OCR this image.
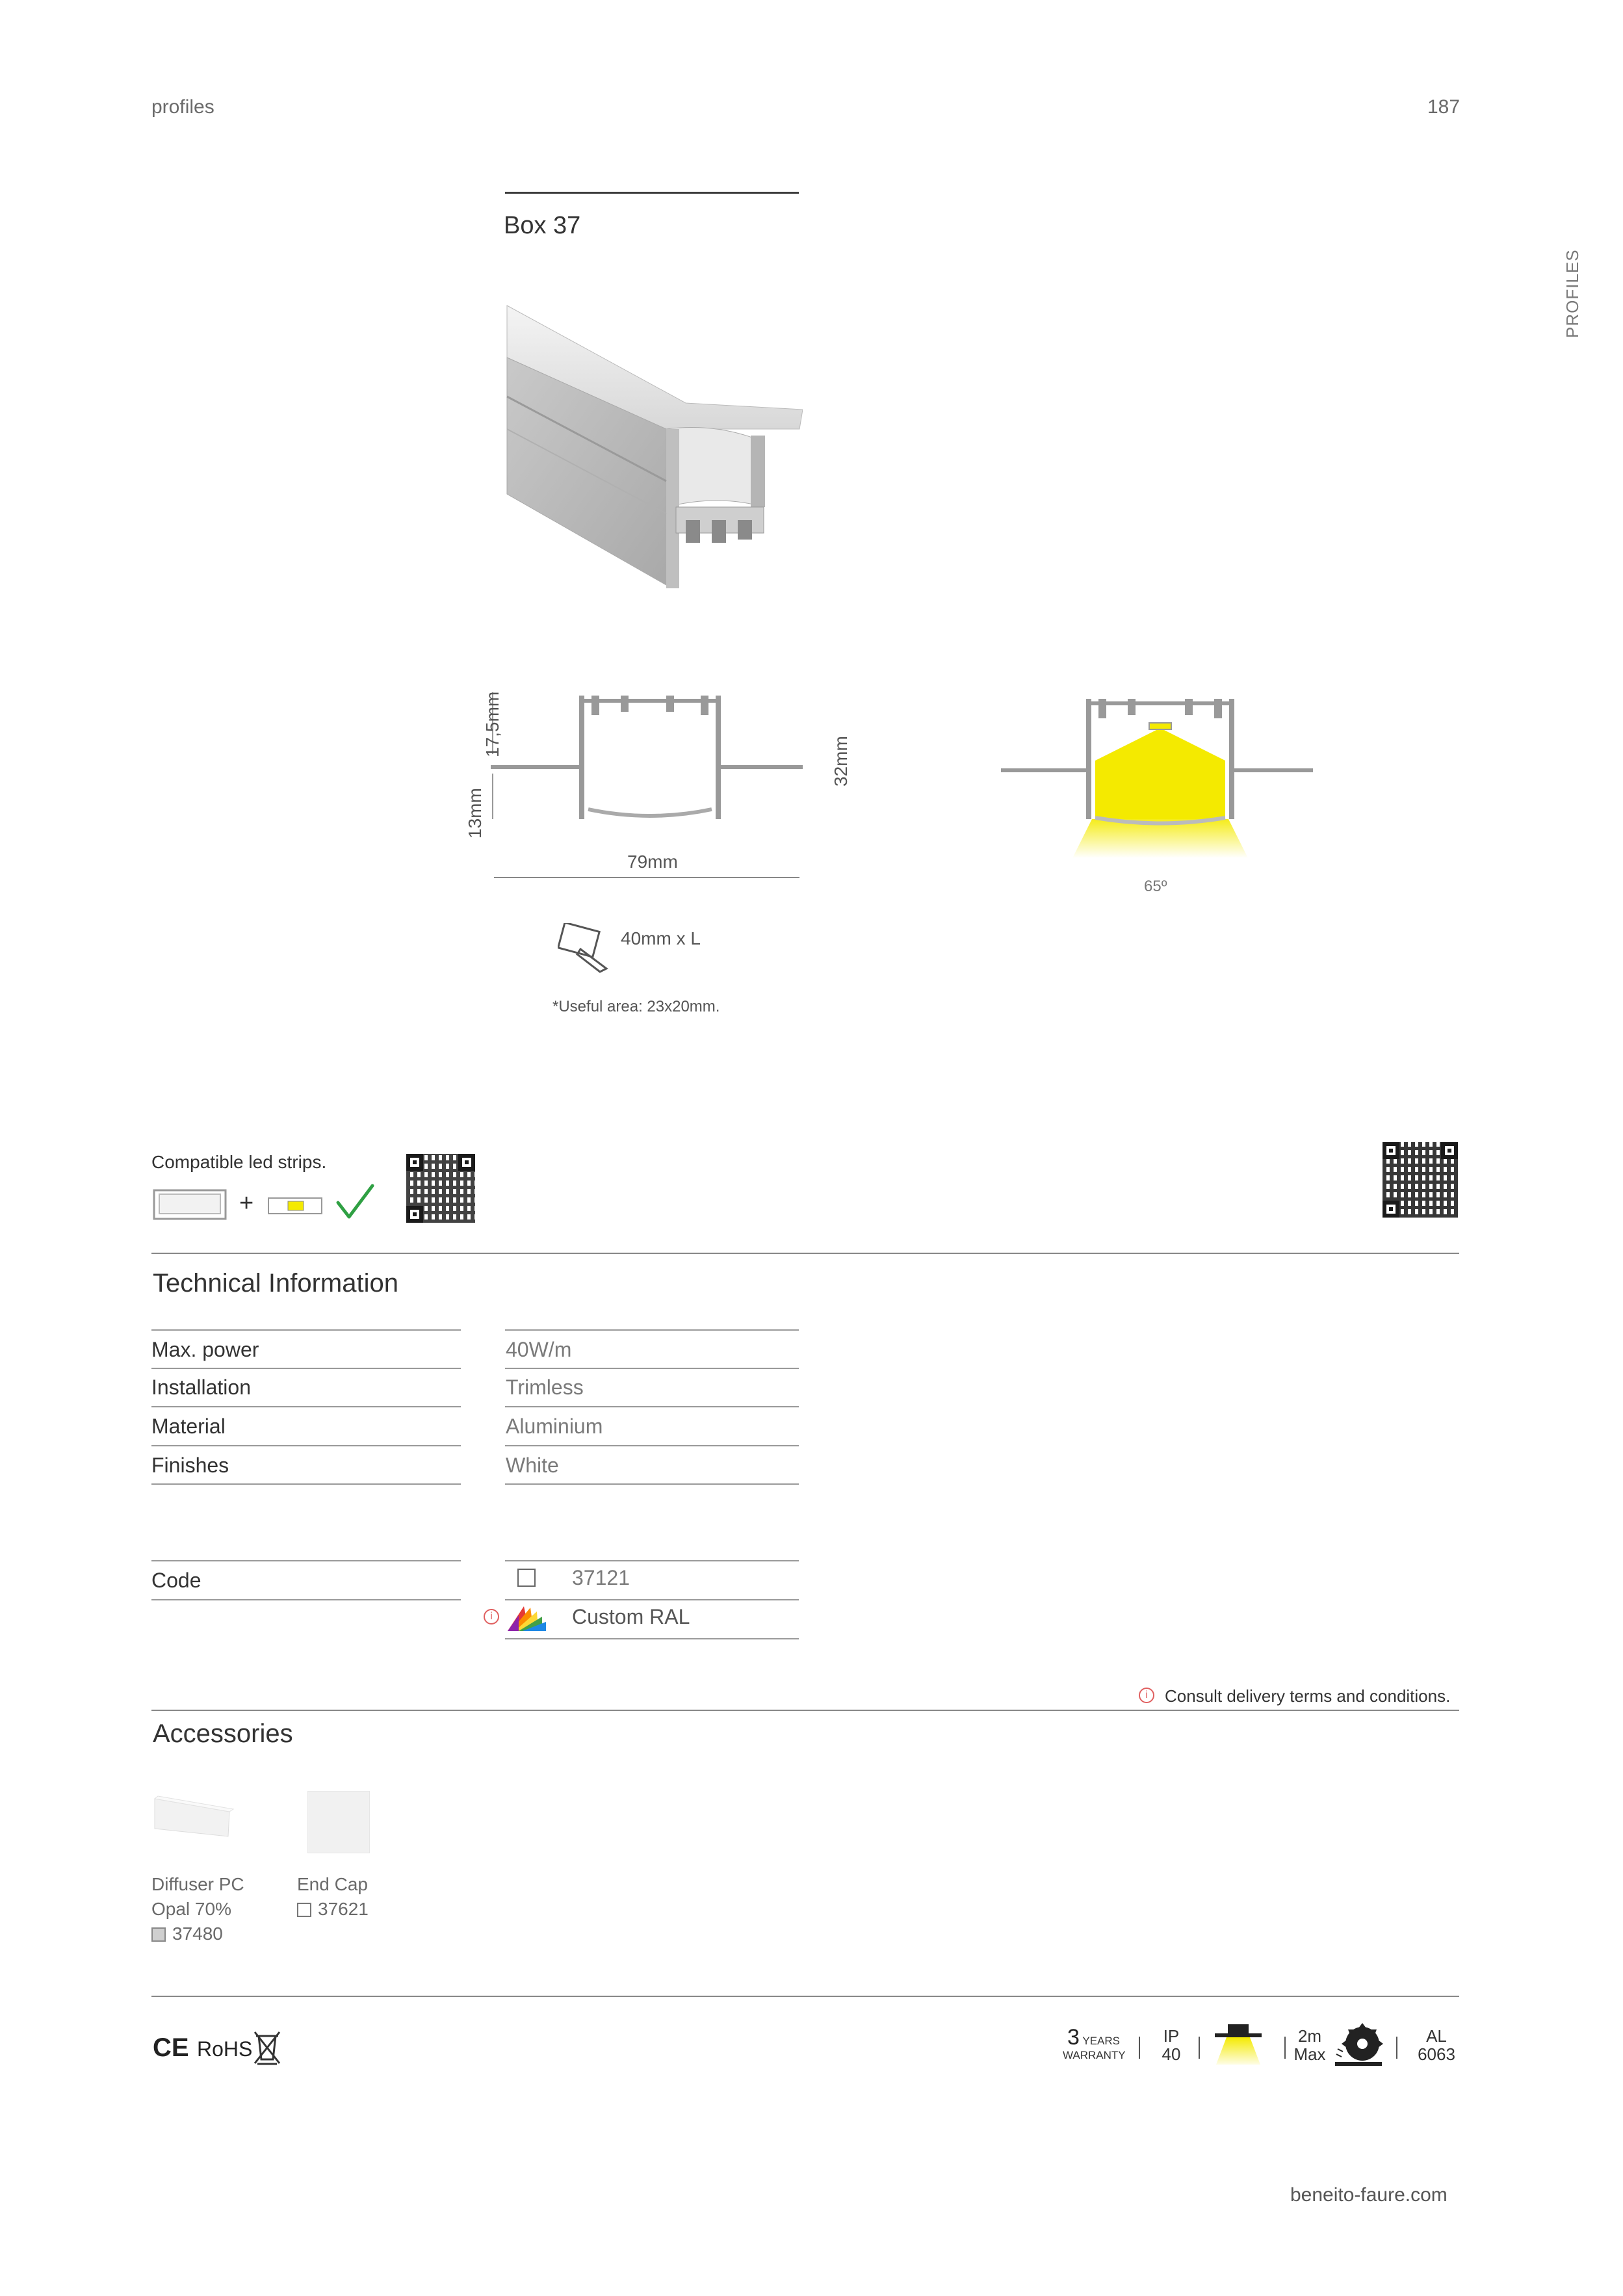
profiles	187
PROFILES
Box 37
17,5mm
13mm
32mm
79mm
40mm x L
*Useful area: 23x20mm.
65º
Compatible led strips.
+
Technical Information
Max. power	40W/m
Installation	Trimless
Material	Aluminium
Finishes	White
Code	37121
i	Custom RAL
i	Consult delivery terms and conditions.
Accessories
Diffuser PC
Opal 70%
37480
End Cap
37621
CE RoHS	3 YEARS
WARRANTY
IP
40
2m
Max
AL
6063
beneito-faure.com
